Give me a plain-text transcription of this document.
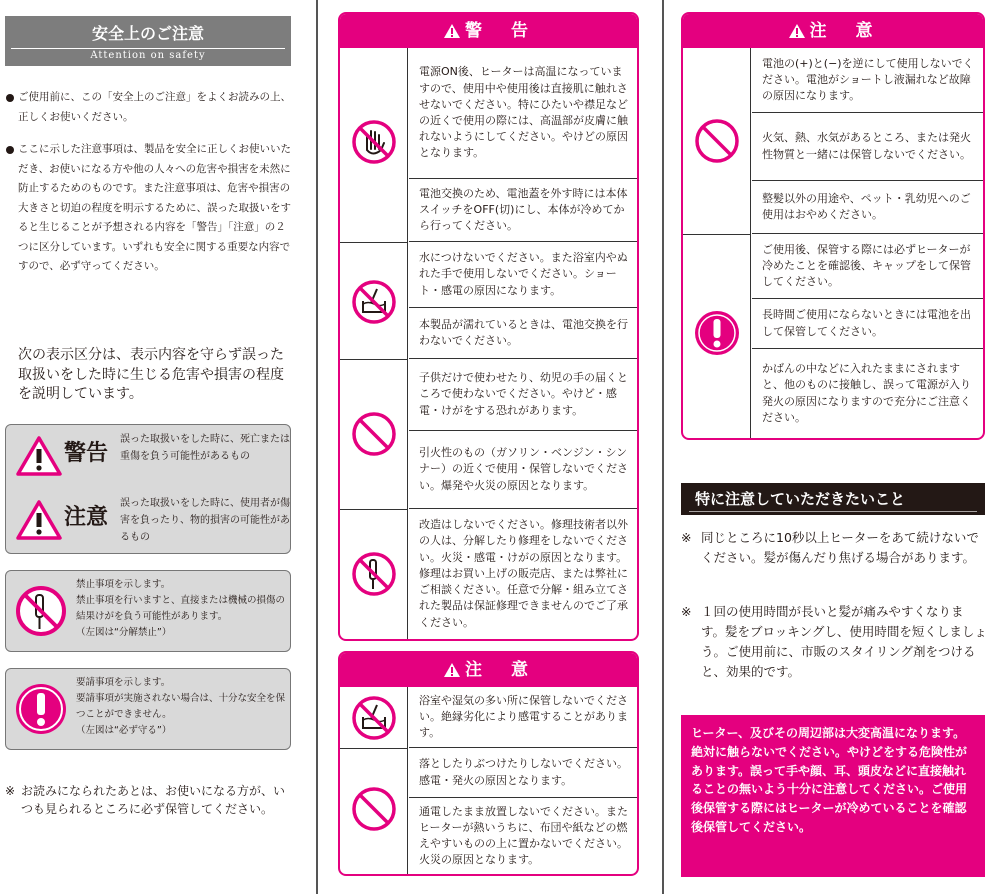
安全上のご注意
Attention on safety
ご使用前に、この「安全上のご注意」をよくお読みの上、正しくお使いください。
ここに示した注意事項は、製品を安全に正しくお使いいただき、お使いになる方や他の人々への危害や損害を未然に防止するためのものです。また注意事項は、危害や損害の大きさと切迫の程度を明示するために、誤った取扱いをすると生じることが予想される内容を「警告」「注意」の２つに区分しています。いずれも安全に関する重要な内容ですので、必ず守ってください。
次の表示区分は、表示内容を守らず誤った取扱いをした時に生じる危害や損害の程度を説明しています。
警告
誤った取扱いをした時に、死亡または重傷を負う可能性があるもの
注意
誤った取扱いをした時に、使用者が傷害を負ったり、物的損害の可能性があるもの
禁止事項を示します。
禁止事項を行いますと、直接または機械の損傷の結果けがを負う可能性があります。
（左図は“分解禁止”）
要請事項を示します。
要請事項が実施されない場合は、十分な安全を保つことができません。
（左図は“必ず守る”）
※ お読みになられたあとは、お使いになる方が、いつも見られるところに必ず保管してください。
警　告
電源ON後、ヒーターは高温になっていますので、使用中や使用後は直接肌に触れさせないでください。特にひたいや襟足などの近くで使用の際には、高温部が皮膚に触れないようにしてください。やけどの原因となります。
電池交換のため、電池蓋を外す時には本体スイッチをOFF(切)にし、本体が冷めてから行ってください。
水につけないでください。また浴室内やぬれた手で使用しないでください。ショート・感電の原因になります。
本製品が濡れているときは、電池交換を行わないでください。
子供だけで使わせたり、幼児の手の届くところで使わないでください。やけど・感電・けがをする恐れがあります。
引火性のもの（ガソリン・ベンジン・シンナー）の近くで使用・保管しないでください。爆発や火災の原因となります。
改造はしないでください。修理技術者以外の人は、分解したり修理をしないでください。火災・感電・けがの原因となります。修理はお買い上げの販売店、または弊社にご相談ください。任意で分解・組み立てされた製品は保証修理できませんのでご了承ください。
注　意
浴室や湿気の多い所に保管しないでください。絶縁劣化により感電することがあります。
落としたりぶつけたりしないでください。感電・発火の原因となります。
通電したまま放置しないでください。またヒーターが熱いうちに、布団や紙などの燃えやすいものの上に置かないでください。火災の原因となります。
注　意
電池の(+)と(−)を逆にして使用しないでください。電池がショートし液漏れなど故障の原因になります。
火気、熱、水気があるところ、または発火性物質と一緒には保管しないでください。
整髪以外の用途や、ペット・乳幼児へのご使用はおやめください。
ご使用後、保管する際には必ずヒーターが冷めたことを確認後、キャップをして保管してください。
長時間ご使用にならないときには電池を出して保管してください。
かばんの中などに入れたままにされますと、他のものに接触し、誤って電源が入り発火の原因になりますので充分にご注意ください。
特に注意していただきたいこと
※ 同じところに10秒以上ヒーターをあて続けないでください。髪が傷んだり焦げる場合があります。
※ １回の使用時間が長いと髪が痛みやすくなります。髪をブロッキングし、使用時間を短くしましょう。ご使用前に、市販のスタイリング剤をつけると、効果的です。
ヒーター、及びその周辺部は大変高温になります。絶対に触らないでください。やけどをする危険性があります。誤って手や顔、耳、頭皮などに直接触れることの無いよう十分に注意してください。ご使用後保管する際にはヒーターが冷めていることを確認後保管してください。
